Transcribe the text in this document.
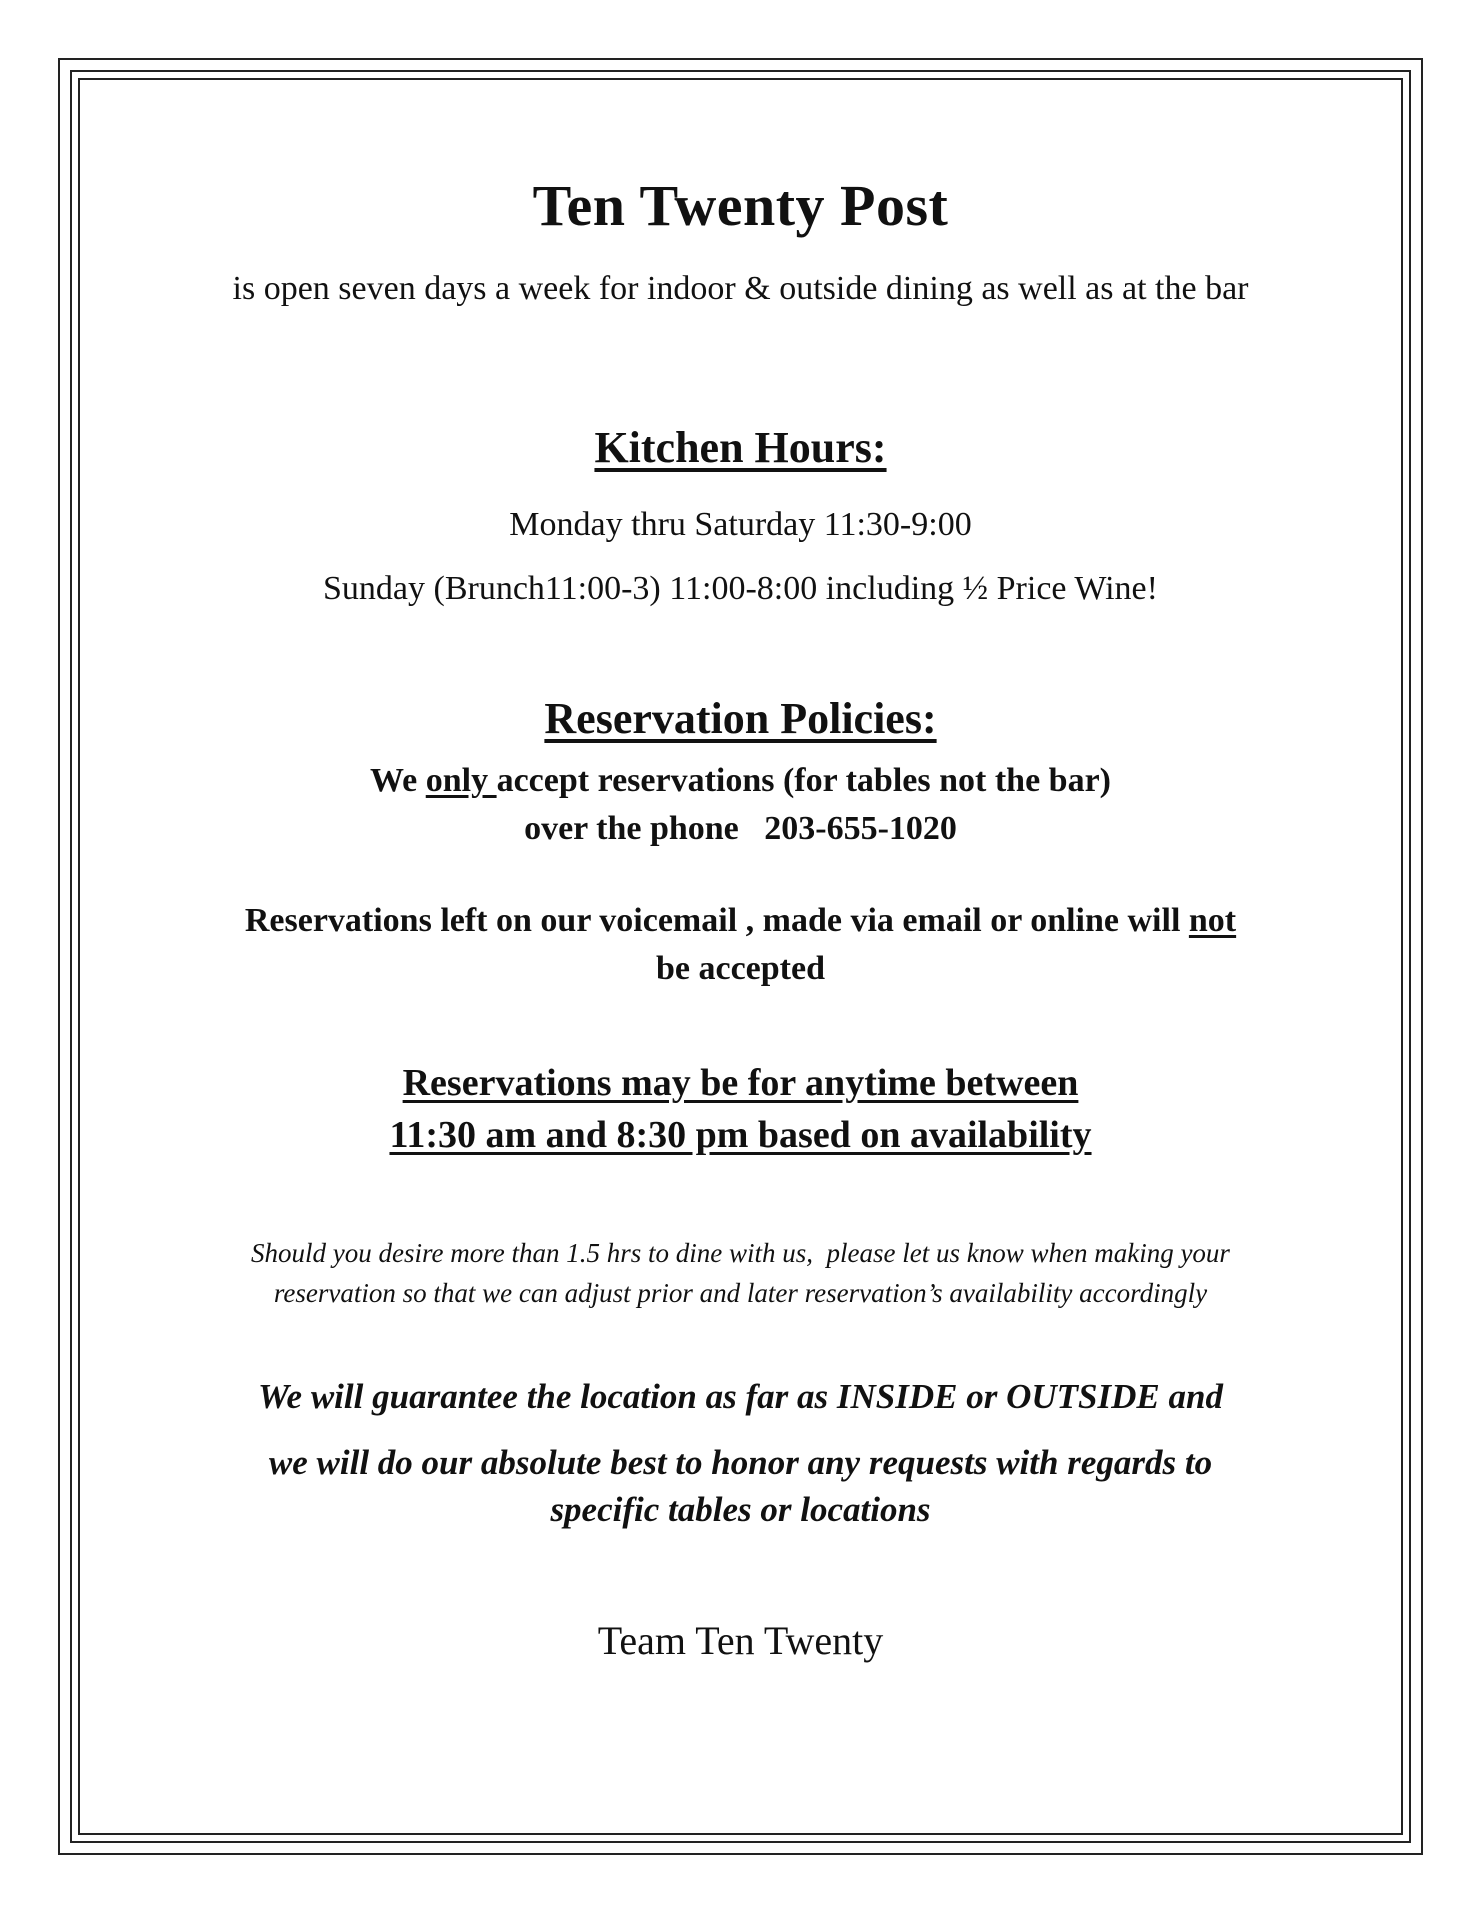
Ten Twenty Post
is open seven days a week for indoor & outside dining as well as at the bar
Kitchen Hours:
Monday thru Saturday 11:30-9:00
Sunday (Brunch11:00-3) 11:00-8:00 including ½ Price Wine!
Reservation Policies:
We only accept reservations (for tables not the bar)
over the phone   203-655-1020
Reservations left on our voicemail , made via email or online will not
be accepted
Reservations may be for anytime between
11:30 am and 8:30 pm based on availability
Should you desire more than 1.5 hrs to dine with us,  please let us know when making your
reservation so that we can adjust prior and later reservation’s availability accordingly
We will guarantee the location as far as INSIDE or OUTSIDE and
we will do our absolute best to honor any requests with regards to
specific tables or locations
Team Ten Twenty
